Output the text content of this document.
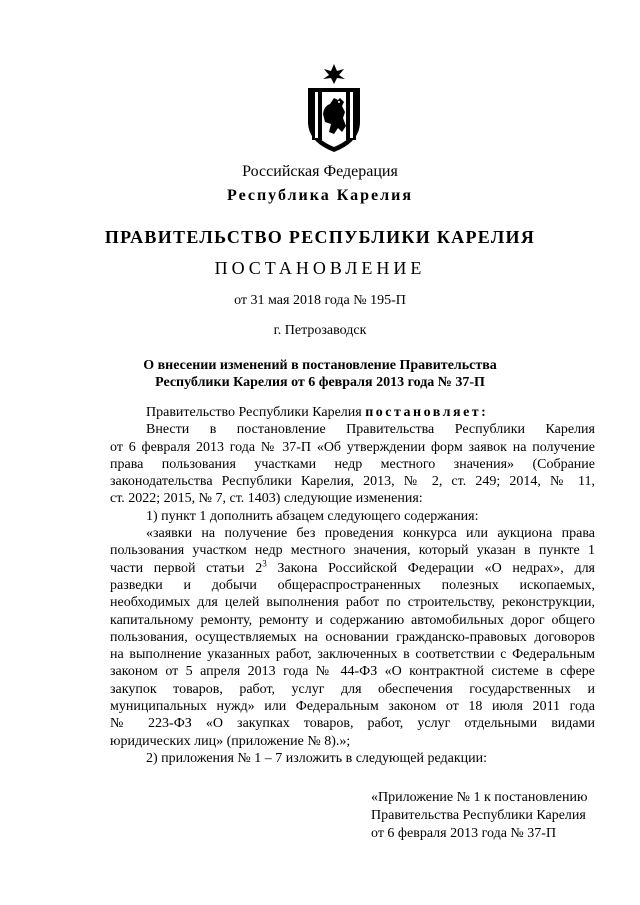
Российская Федерация
Республика Карелия
ПРАВИТЕЛЬСТВО РЕСПУБЛИКИ КАРЕЛИЯ
ПОСТАНОВЛЕНИЕ
от 31 мая 2018 года № 195-П
г. Петрозаводск
О внесении изменений в постановление Правительства
Республики Карелия от 6 февраля 2013 года № 37-П

Правительство Республики Карелия постановляет:

Внести в постановление Правительства Республики Карелия

от 6 февраля 2013 года № 37-П «Об утверждении форм заявок на получение

права пользования участками недр местного значения» (Собрание

законодательства Республики Карелия, 2013, № 2, ст. 249; 2014, № 11,

ст. 2022; 2015, № 7, ст. 1403) следующие изменения:

1) пункт 1 дополнить абзацем следующего содержания:

«заявки на получение без проведения конкурса или аукциона права

пользования участком недр местного значения, который указан в пункте 1

части первой статьи $2^3$ Закона Российской Федерации «О недрах», для

разведки и добычи общераспространенных полезных ископаемых,

необходимых для целей выполнения работ по строительству, реконструкции,

капитальному ремонту, ремонту и содержанию автомобильных дорог общего

пользования, осуществляемых на основании гражданско-правовых договоров

на выполнение указанных работ, заключенных в соответствии с Федеральным

законом от 5 апреля 2013 года № 44-ФЗ «О контрактной системе в сфере

закупок товаров, работ, услуг для обеспечения государственных и

муниципальных нужд» или Федеральным законом от 18 июля 2011 года

№ 223-ФЗ «О закупках товаров, работ, услуг отдельными видами

юридических лиц» (приложение № 8).»;

2) приложения № 1 – 7 изложить в следующей редакции:

«Приложение № 1 к постановлению
Правительства Республики Карелия
от 6 февраля 2013 года № 37-П
